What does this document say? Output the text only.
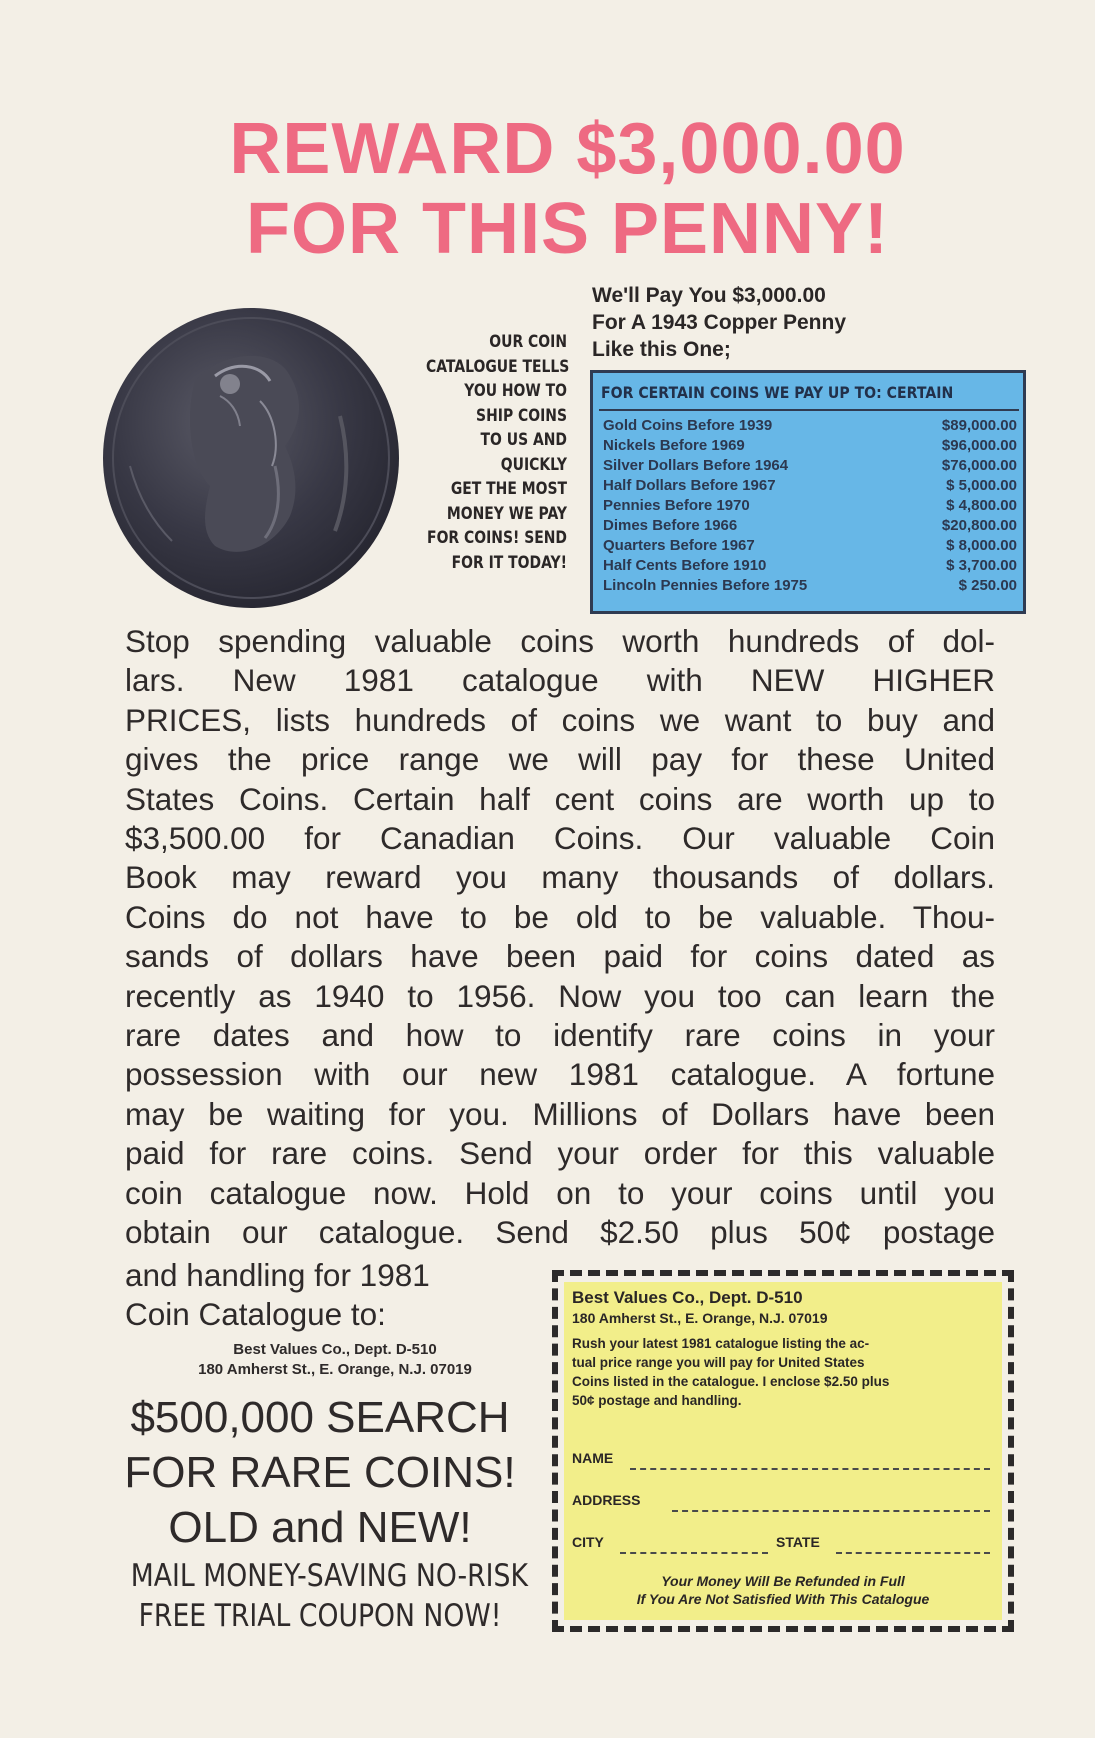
REWARD $3,000.00
FOR THIS PENNY!
OUR COIN
CATALOGUE TELLS
YOU HOW TO
SHIP COINS
TO US AND
QUICKLY
GET THE MOST
MONEY WE PAY
FOR COINS! SEND
FOR IT TODAY!
We'll Pay You $3,000.00
For A 1943 Copper Penny
Like this One;
FOR CERTAIN COINS WE PAY UP TO: CERTAIN
Gold Coins Before 1939	$89,000.00
Nickels Before 1969	$96,000.00
Silver Dollars Before 1964	$76,000.00
Half Dollars Before 1967	$ 5,000.00
Pennies Before 1970	$ 4,800.00
Dimes Before 1966	$20,800.00
Quarters Before 1967	$ 8,000.00
Half Cents Before 1910	$ 3,700.00
Lincoln Pennies Before 1975	$ 250.00
Stop spending valuable coins worth hundreds of dol-
lars. New 1981 catalogue with NEW HIGHER
PRICES, lists hundreds of coins we want to buy and
gives the price range we will pay for these United
States Coins. Certain half cent coins are worth up to
$3,500.00 for Canadian Coins. Our valuable Coin
Book may reward you many thousands of dollars.
Coins do not have to be old to be valuable. Thou-
sands of dollars have been paid for coins dated as
recently as 1940 to 1956. Now you too can learn the
rare dates and how to identify rare coins in your
possession with our new 1981 catalogue. A fortune
may be waiting for you. Millions of Dollars have been
paid for rare coins. Send your order for this valuable
coin catalogue now. Hold on to your coins until you
obtain our catalogue. Send $2.50 plus 50¢ postage
and handling for 1981
Coin Catalogue to:
Best Values Co., Dept. D-510
180 Amherst St., E. Orange, N.J. 07019
$500,000 SEARCH
FOR RARE COINS!
OLD and NEW!
MAIL MONEY-SAVING NO-RISK
FREE TRIAL COUPON NOW!
Best Values Co., Dept. D-510
180 Amherst St., E. Orange, N.J. 07019
Rush your latest 1981 catalogue listing the ac-
tual price range you will pay for United States
Coins listed in the catalogue. I enclose $2.50 plus
50¢ postage and handling.
NAME
ADDRESS
CITY	STATE
Your Money Will Be Refunded in Full
If You Are Not Satisfied With This Catalogue
